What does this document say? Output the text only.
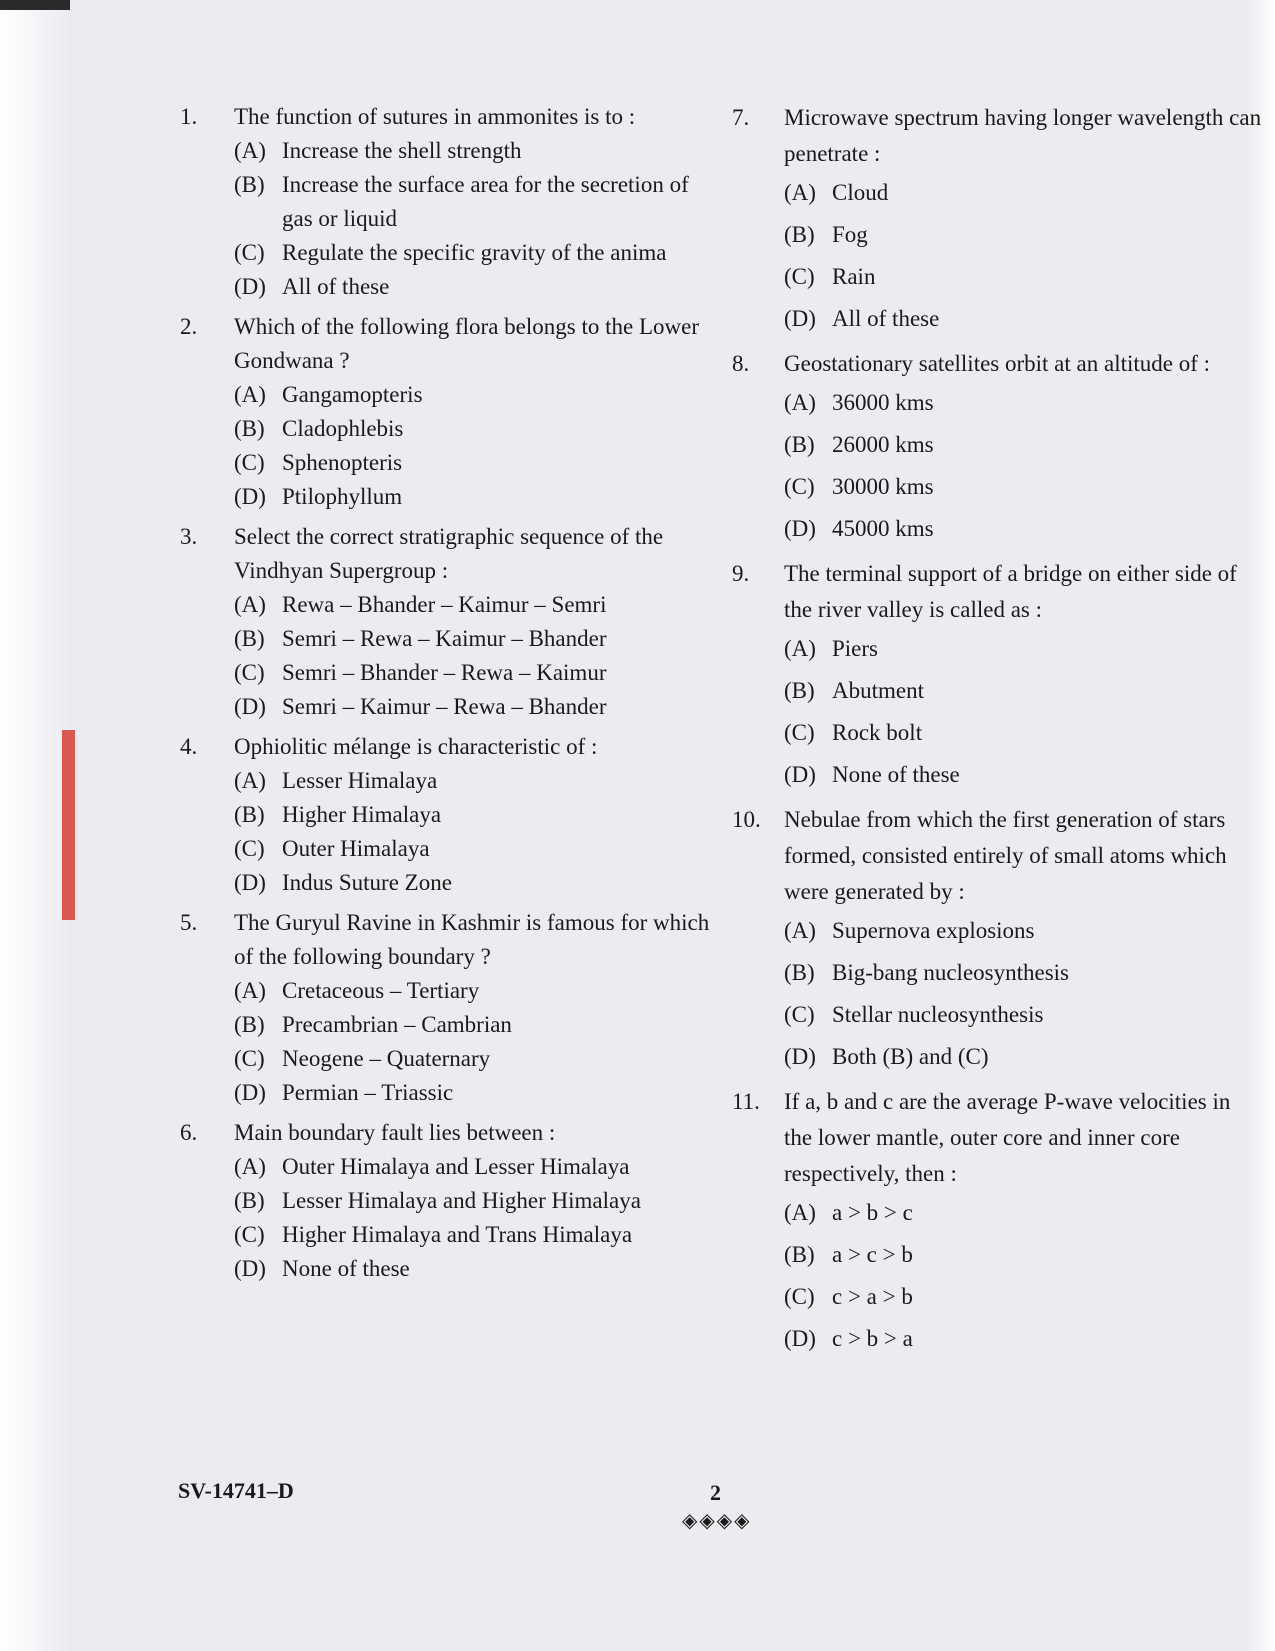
1.	The function of sutures in ammonites is to :
(A) Increase the shell strength
(B) Increase the surface area for the secretion of gas or liquid
(C) Regulate the specific gravity of the anima
(D) All of these
2.	Which of the following flora belongs to the Lower Gondwana ?
(A) Gangamopteris
(B) Cladophlebis
(C) Sphenopteris
(D) Ptilophyllum
3.	Select the correct stratigraphic sequence of the Vindhyan Supergroup :
(A) Rewa – Bhander – Kaimur – Semri
(B) Semri – Rewa – Kaimur – Bhander
(C) Semri – Bhander – Rewa – Kaimur
(D) Semri – Kaimur – Rewa – Bhander
4.	Ophiolitic mélange is characteristic of :
(A) Lesser Himalaya
(B) Higher Himalaya
(C) Outer Himalaya
(D) Indus Suture Zone
5.	The Guryul Ravine in Kashmir is famous for which of the following boundary ?
(A) Cretaceous – Tertiary
(B) Precambrian – Cambrian
(C) Neogene – Quaternary
(D) Permian – Triassic
6.	Main boundary fault lies between :
(A) Outer Himalaya and Lesser Himalaya
(B) Lesser Himalaya and Higher Himalaya
(C) Higher Himalaya and Trans Himalaya
(D) None of these
7.	Microwave spectrum having longer wavelength can penetrate :
(A) Cloud
(B) Fog
(C) Rain
(D) All of these
8.	Geostationary satellites orbit at an altitude of :
(A) 36000 kms
(B) 26000 kms
(C) 30000 kms
(D) 45000 kms
9.	The terminal support of a bridge on either side of the river valley is called as :
(A) Piers
(B) Abutment
(C) Rock bolt
(D) None of these
10.	Nebulae from which the first generation of stars formed, consisted entirely of small atoms which were generated by :
(A) Supernova explosions
(B) Big-bang nucleosynthesis
(C) Stellar nucleosynthesis
(D) Both (B) and (C)
11.	If a, b and c are the average P-wave velocities in the lower mantle, outer core and inner core respectively, then :
(A) a > b > c
(B) a > c > b
(C) c > a > b
(D) c > b > a
SV-14741–D	2
◈◈◈◈
